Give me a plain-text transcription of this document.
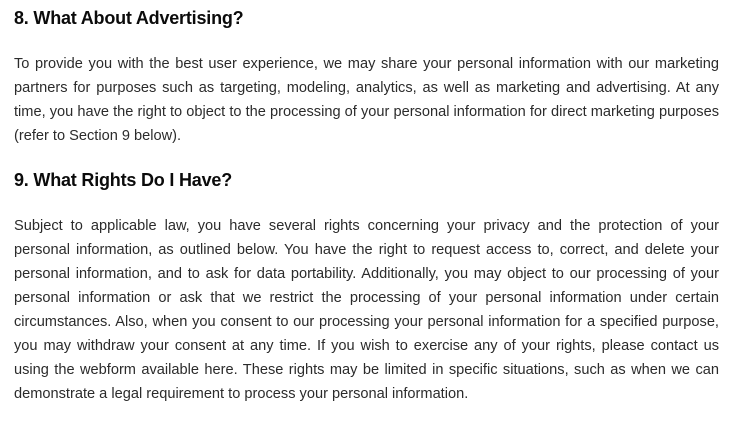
8. What About Advertising?

To provide you with the best user experience, we may share your personal information with our marketing partners for purposes such as targeting, modeling, analytics, as well as marketing and advertising. At any time, you have the right to object to the processing of your personal information for direct marketing purposes (refer to Section 9 below).

9. What Rights Do I Have?

Subject to applicable law, you have several rights concerning your privacy and the protection of your personal information, as outlined below. You have the right to request access to, correct, and delete your personal information, and to ask for data portability. Additionally, you may object to our processing of your personal information or ask that we restrict the processing of your personal information under certain circumstances. Also, when you consent to our processing your personal information for a specified purpose, you may withdraw your consent at any time. If you wish to exercise any of your rights, please contact us using the webform available here. These rights may be limited in specific situations, such as when we can demonstrate a legal requirement to process your personal information.
